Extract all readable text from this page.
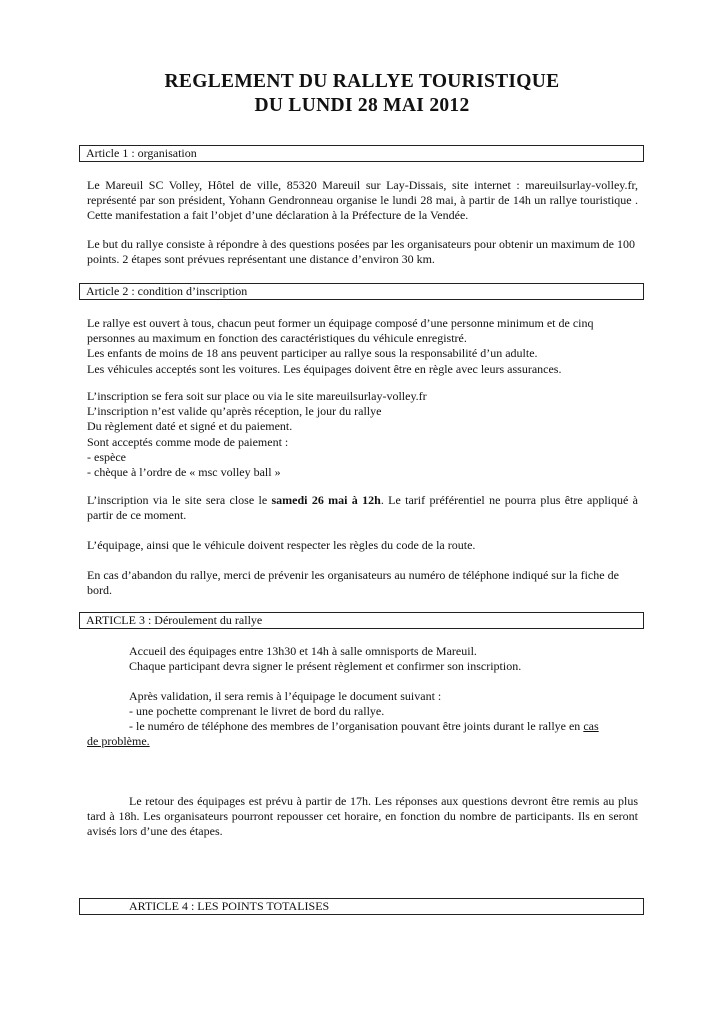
REGLEMENT DU RALLYE TOURISTIQUE
DU LUNDI 28 MAI 2012
Article 1 : organisation

Le Mareuil SC Volley, Hôtel de ville, 85320 Mareuil sur Lay-Dissais, site internet : mareuilsurlay-volley.fr, représenté par son président, Yohann Gendronneau organise le lundi 28 mai, à partir de 14h un rallye touristique . Cette manifestation a fait l’objet d’une déclaration à la Préfecture de la Vendée.

Le but du rallye consiste à répondre à des questions posées par les organisateurs pour obtenir un maximum de 100 points. 2 étapes sont prévues représentant une distance d’environ 30 km.

Article 2 : condition d’inscription
Le rallye est ouvert à tous, chacun peut former un équipage composé d’une personne minimum et de cinq
personnes au maximum en fonction des caractéristiques du véhicule enregistré.
Les enfants de moins de 18 ans peuvent participer au rallye sous la responsabilité d’un adulte.
Les véhicules acceptés sont les voitures. Les équipages doivent être en règle avec leurs assurances.
L’inscription se fera soit sur place ou via le site mareuilsurlay-volley.fr
L’inscription n’est valide qu’après réception, le jour du rallye
Du règlement daté et signé et du paiement.
Sont acceptés comme mode de paiement :
- espèce
- chèque à l’ordre de « msc volley ball »

L’inscription via le site sera close le samedi 26 mai à 12h. Le tarif préférentiel ne pourra plus être appliqué à partir de ce moment.

L’équipage, ainsi que le véhicule doivent respecter les règles du code de la route.

En cas d’abandon du rallye, merci de prévenir les organisateurs au numéro de téléphone indiqué sur la fiche de bord.

ARTICLE 3 : Déroulement du rallye
Accueil des équipages entre 13h30 et 14h à salle omnisports de Mareuil.
Chaque participant devra signer le présent règlement et confirmer son inscription.
Après validation, il sera remis à l’équipage le document suivant :
- une pochette comprenant le livret de bord du rallye.
- le numéro de téléphone des membres de l’organisation pouvant être joints durant le rallye en cas
de problème.

Le retour des équipages est prévu à partir de 17h. Les réponses aux questions devront être remis au plus tard à 18h. Les organisateurs pourront repousser cet horaire, en fonction du nombre de participants. Ils en seront avisés lors d’une des étapes.

ARTICLE 4 : LES POINTS TOTALISES
